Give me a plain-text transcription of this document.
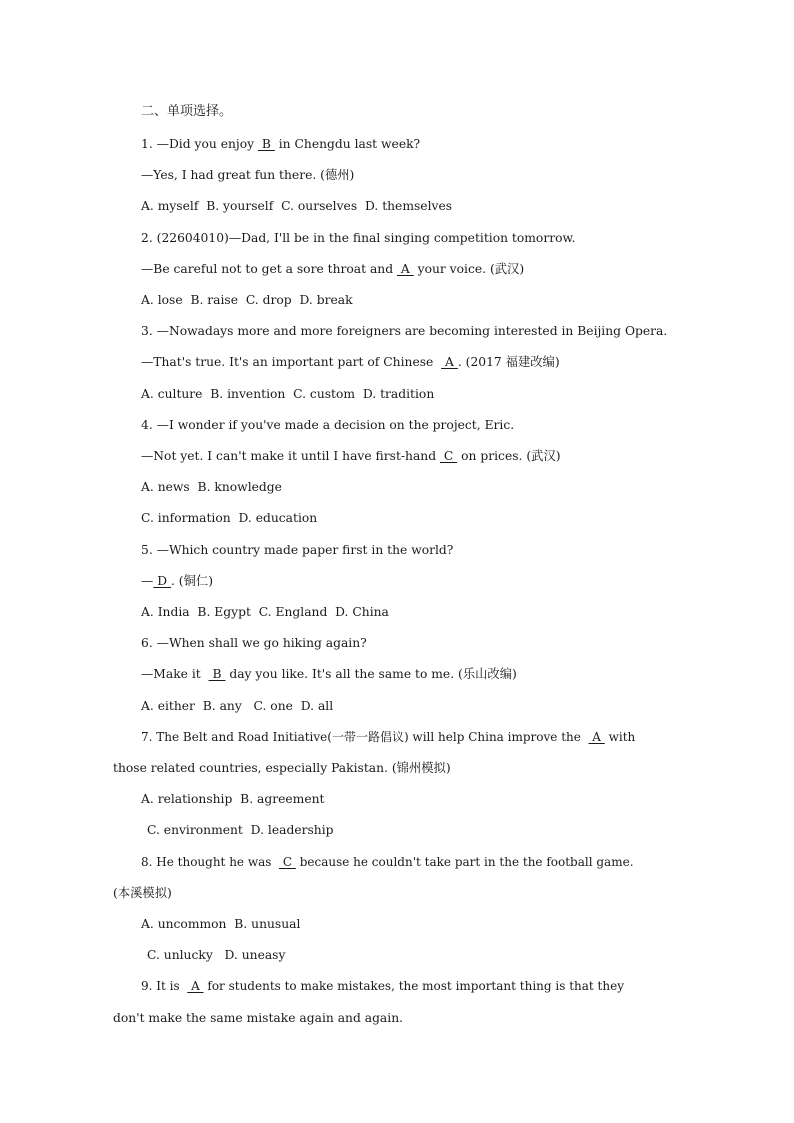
二、单项选择。
1. —Did you enjoy  B  in Chengdu last week?
—Yes, I had great fun there. (德州)
A. myself  B. yourself  C. ourselves  D. themselves
2. (22604010)—Dad, I'll be in the final singing competition tomorrow.
—Be careful not to get a sore throat and  A  your voice. (武汉)
A. lose  B. raise  C. drop  D. break
3. —Nowadays more and more foreigners are becoming interested in Beijing Opera.
—That's true. It's an important part of Chinese   A . (2017 福建改编)
A. culture  B. invention  C. custom  D. tradition
4. —I wonder if you've made a decision on the project, Eric.
—Not yet. I can't make it until I have first-hand  C  on prices. (武汉)
A. news  B. knowledge
C. information  D. education
5. —Which country made paper first in the world?
— D . (铜仁)
A. India  B. Egypt  C. England  D. China
6. —When shall we go hiking again?
—Make it   B  day you like. It's all the same to me. (乐山改编)
A. either  B. any   C. one  D. all
7. The Belt and Road Initiative(一带一路倡议) will help China improve the   A  with
those related countries, especially Pakistan. (锦州模拟)
A. relationship  B. agreement
C. environment  D. leadership
8. He thought he was   C  because he couldn't take part in the the football game.
(本溪模拟)
A. uncommon  B. unusual
C. unlucky   D. uneasy
9. It is   A  for students to make mistakes, the most important thing is that they
don't make the same mistake again and again.
